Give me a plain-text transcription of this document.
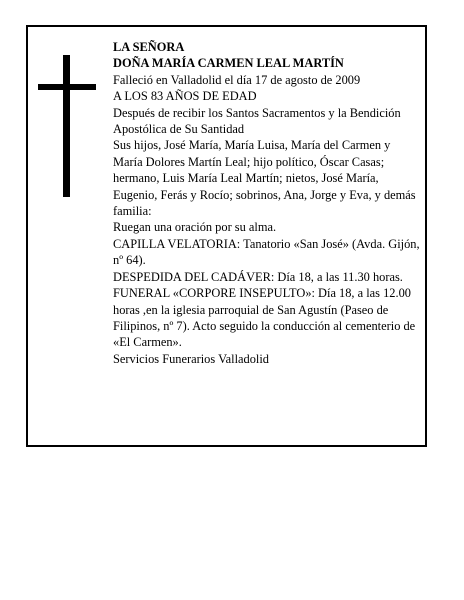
LA SEÑORA

DOÑA MARÍA CARMEN LEAL MARTÍN

Falleció en Valladolid el día 17 de agosto de 2009

A LOS 83 AÑOS DE EDAD

Después de recibir los Santos Sacramentos y la Bendición Apostólica de Su Santidad

Sus hijos, José María, María Luisa, María del Carmen y María Dolores Martín Leal; hijo político, Óscar Casas; hermano, Luis María Leal Martín; nietos, José María, Eugenio, Ferás y Rocío; sobrinos, Ana, Jorge y Eva, y demás familia:

Ruegan una oración por su alma.

CAPILLA VELATORIA: Tanatorio «San José» (Avda. Gijón, nº 64).

DESPEDIDA DEL CADÁVER: Día 18, a las 11.30 horas.

FUNERAL «CORPORE INSEPULTO»: Día 18, a las 12.00 horas ,en la iglesia parroquial de San Agustín (Paseo de Filipinos, nº 7). Acto seguido la conducción al cementerio de «El Carmen».

Servicios Funerarios Valladolid
